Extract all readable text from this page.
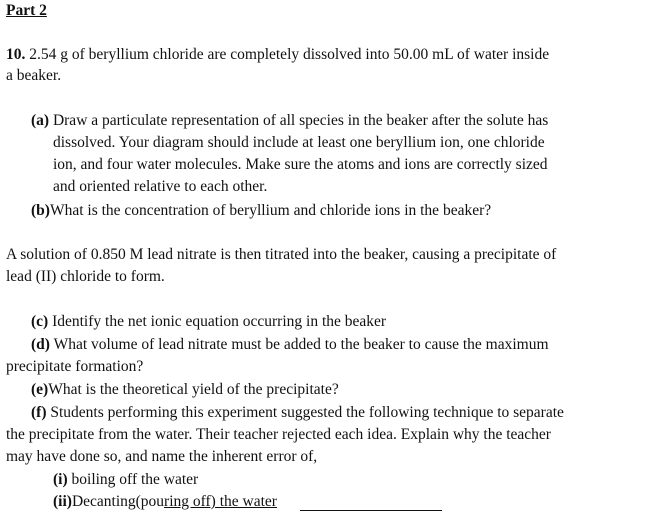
Part 2
10. 2.54 g of beryllium chloride are completely dissolved into 50.00 mL of water inside
a beaker.
(a) Draw a particulate representation of all species in the beaker after the solute has
dissolved. Your diagram should include at least one beryllium ion, one chloride
ion, and four water molecules. Make sure the atoms and ions are correctly sized
and oriented relative to each other.
(b)What is the concentration of beryllium and chloride ions in the beaker?
A solution of 0.850 M lead nitrate is then titrated into the beaker, causing a precipitate of
lead (II) chloride to form.
(c) Identify the net ionic equation occurring in the beaker
(d) What volume of lead nitrate must be added to the beaker to cause the maximum
precipitate formation?
(e)What is the theoretical yield of the precipitate?
(f) Students performing this experiment suggested the following technique to separate
the precipitate from the water. Their teacher rejected each idea. Explain why the teacher
may have done so, and name the inherent error of,
(i) boiling off the water
(ii)Decanting(pouring off) the water
